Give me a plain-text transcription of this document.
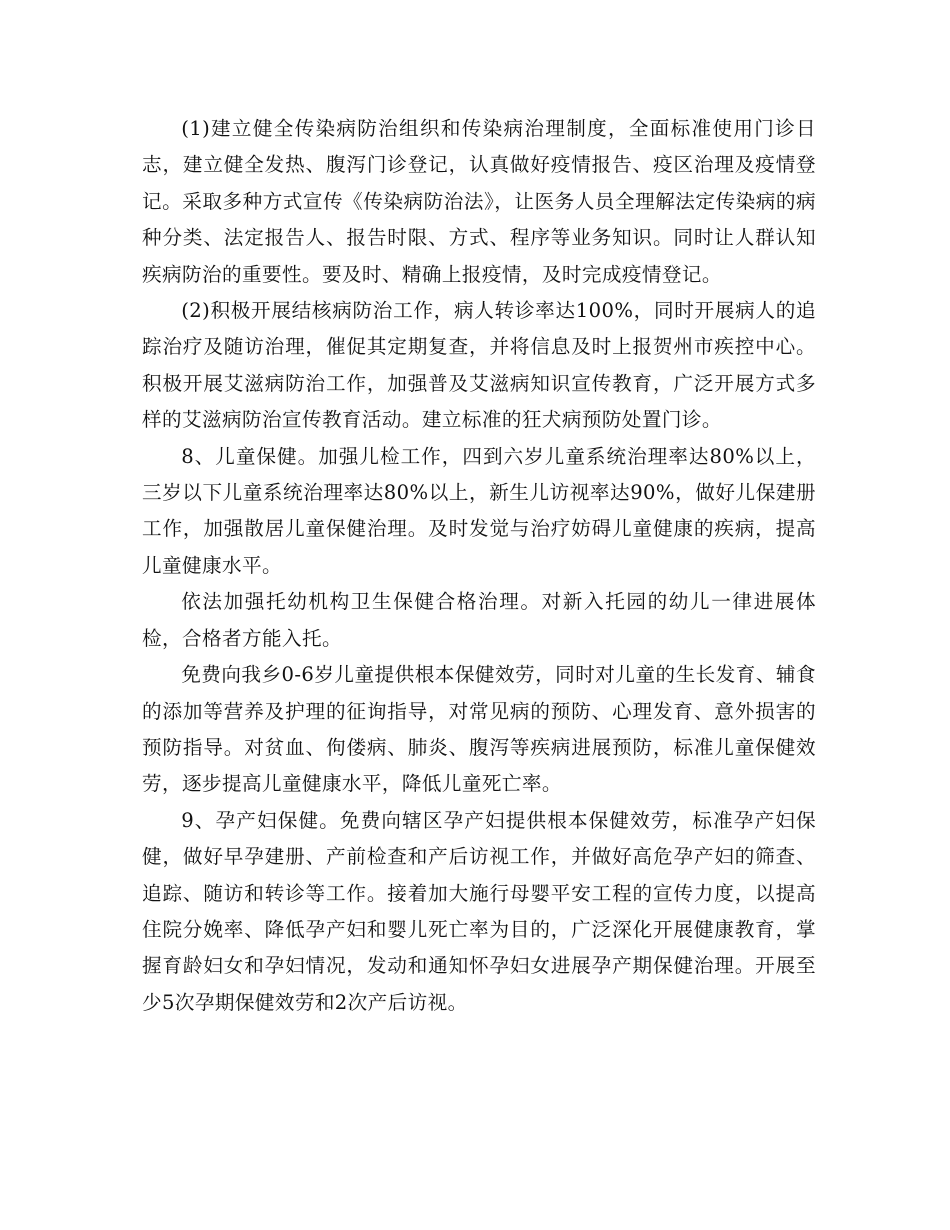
(1)建立健全传染病防治组织和传染病治理制度，全面标准使用门诊日志，建立健全发热、腹泻门诊登记，认真做好疫情报告、疫区治理及疫情登记。采取多种方式宣传《传染病防治法》，让医务人员全理解法定传染病的病种分类、法定报告人、报告时限、方式、程序等业务知识。同时让人群认知疾病防治的重要性。要及时、精确上报疫情，及时完成疫情登记。

(2)积极开展结核病防治工作，病人转诊率达100%，同时开展病人的追踪治疗及随访治理，催促其定期复查，并将信息及时上报贺州市疾控中心。积极开展艾滋病防治工作，加强普及艾滋病知识宣传教育，广泛开展方式多样的艾滋病防治宣传教育活动。建立标准的狂犬病预防处置门诊。

8、儿童保健。加强儿检工作，四到六岁儿童系统治理率达80%以上，三岁以下儿童系统治理率达80%以上，新生儿访视率达90%，做好儿保建册工作，加强散居儿童保健治理。及时发觉与治疗妨碍儿童健康的疾病，提高儿童健康水平。

依法加强托幼机构卫生保健合格治理。对新入托园的幼儿一律进展体检，合格者方能入托。

免费向我乡0-6岁儿童提供根本保健效劳，同时对儿童的生长发育、辅食的添加等营养及护理的征询指导，对常见病的预防、心理发育、意外损害的预防指导。对贫血、佝偻病、肺炎、腹泻等疾病进展预防，标准儿童保健效劳，逐步提高儿童健康水平，降低儿童死亡率。

9、孕产妇保健。免费向辖区孕产妇提供根本保健效劳，标准孕产妇保健，做好早孕建册、产前检查和产后访视工作，并做好高危孕产妇的筛查、追踪、随访和转诊等工作。接着加大施行母婴平安工程的宣传力度，以提高住院分娩率、降低孕产妇和婴儿死亡率为目的，广泛深化开展健康教育，掌握育龄妇女和孕妇情况，发动和通知怀孕妇女进展孕产期保健治理。开展至少5次孕期保健效劳和2次产后访视。
